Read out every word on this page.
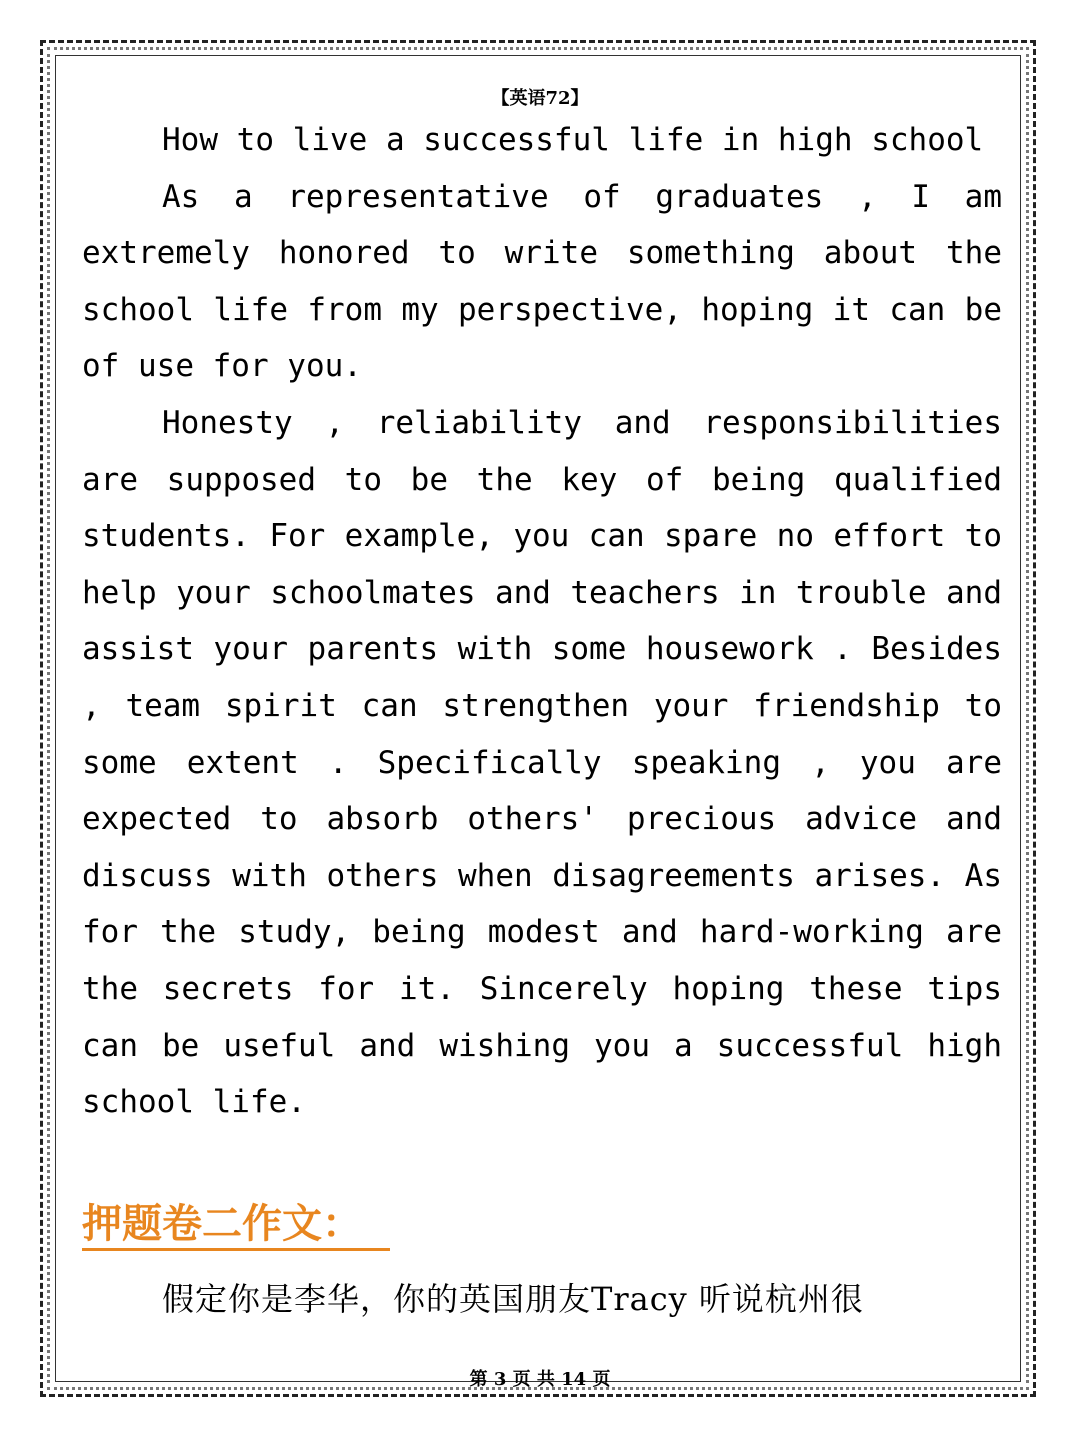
【英语72】

How to live a successful life in high school

As a representative of graduates , I am extremely honored to write something about the school life from my perspective, hoping it can be of use for you.

Honesty , reliability and responsibilities are supposed to be the key of being qualified students. For example, you can spare no effort to help your schoolmates and teachers in trouble and assist your parents with some housework . Besides , team spirit can strengthen your friendship to some extent . Specifically speaking , you are expected to absorb others' precious advice and discuss with others when disagreements arises. As for the study, being modest and hard-working are the secrets for it. Sincerely hoping these tips can be useful and wishing you a successful high school life.

押题卷二作文：
假定你是李华，你的英国朋友Tracy 听说杭州很
第 3 页 共 14 页
